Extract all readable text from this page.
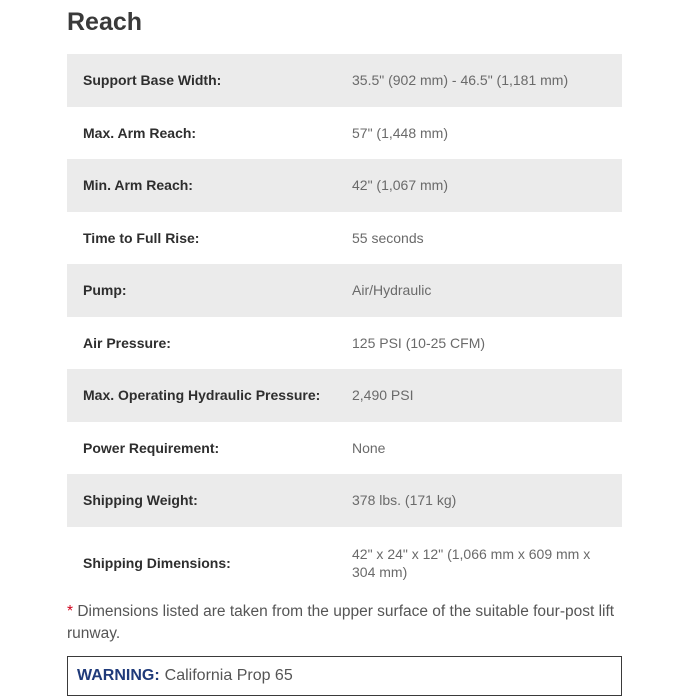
Reach
Support Base Width:	35.5" (902 mm) - 46.5" (1,181 mm)
Max. Arm Reach:	57" (1,448 mm)
Min. Arm Reach:	42" (1,067 mm)
Time to Full Rise:	55 seconds
Pump:	Air/Hydraulic
Air Pressure:	125 PSI (10-25 CFM)
Max. Operating Hydraulic Pressure:	2,490 PSI
Power Requirement:	None
Shipping Weight:	378 lbs. (171 kg)
Shipping Dimensions:
42" x 24" x 12" (1,066 mm x 609 mm x 304 mm)

* Dimensions listed are taken from the upper surface of the suitable four-post lift runway.

WARNING: California Prop 65
